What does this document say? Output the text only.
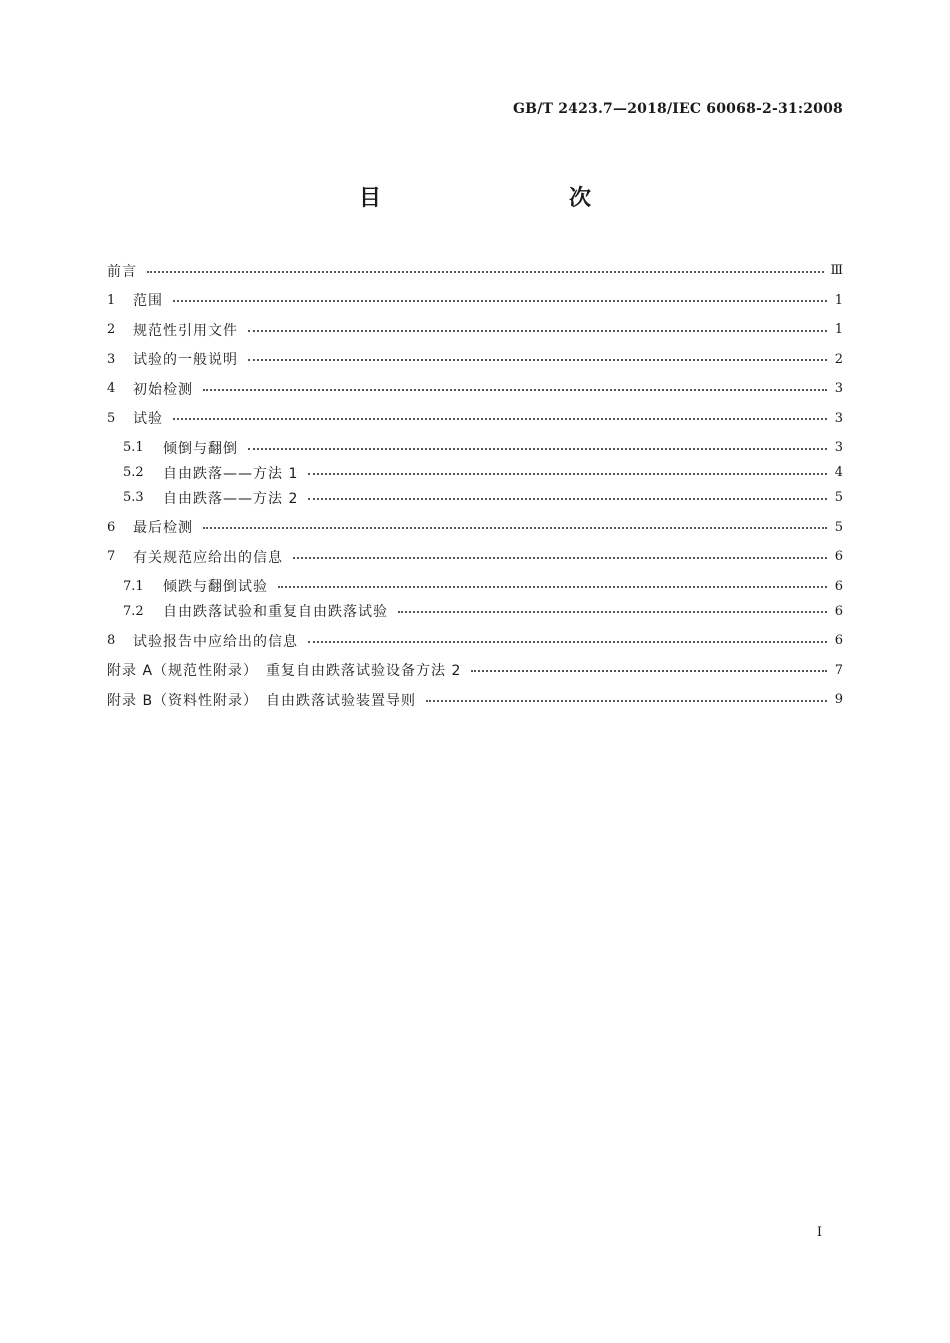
GB/T 2423.7—2018/IEC 60068-2-31:2008
目　　次
前言	Ⅲ
1	范围	1
2	规范性引用文件	1
3	试验的一般说明	2
4	初始检测	3
5	试验	3
5.1	倾倒与翻倒	3
5.2	自由跌落——方法 1	4
5.3	自由跌落——方法 2	5
6	最后检测	5
7	有关规范应给出的信息	6
7.1	倾跌与翻倒试验	6
7.2	自由跌落试验和重复自由跌落试验	6
8	试验报告中应给出的信息	6
附录 A（规范性附录）　重复自由跌落试验设备方法 2	7
附录 B（资料性附录）　自由跌落试验装置导则	9
I
